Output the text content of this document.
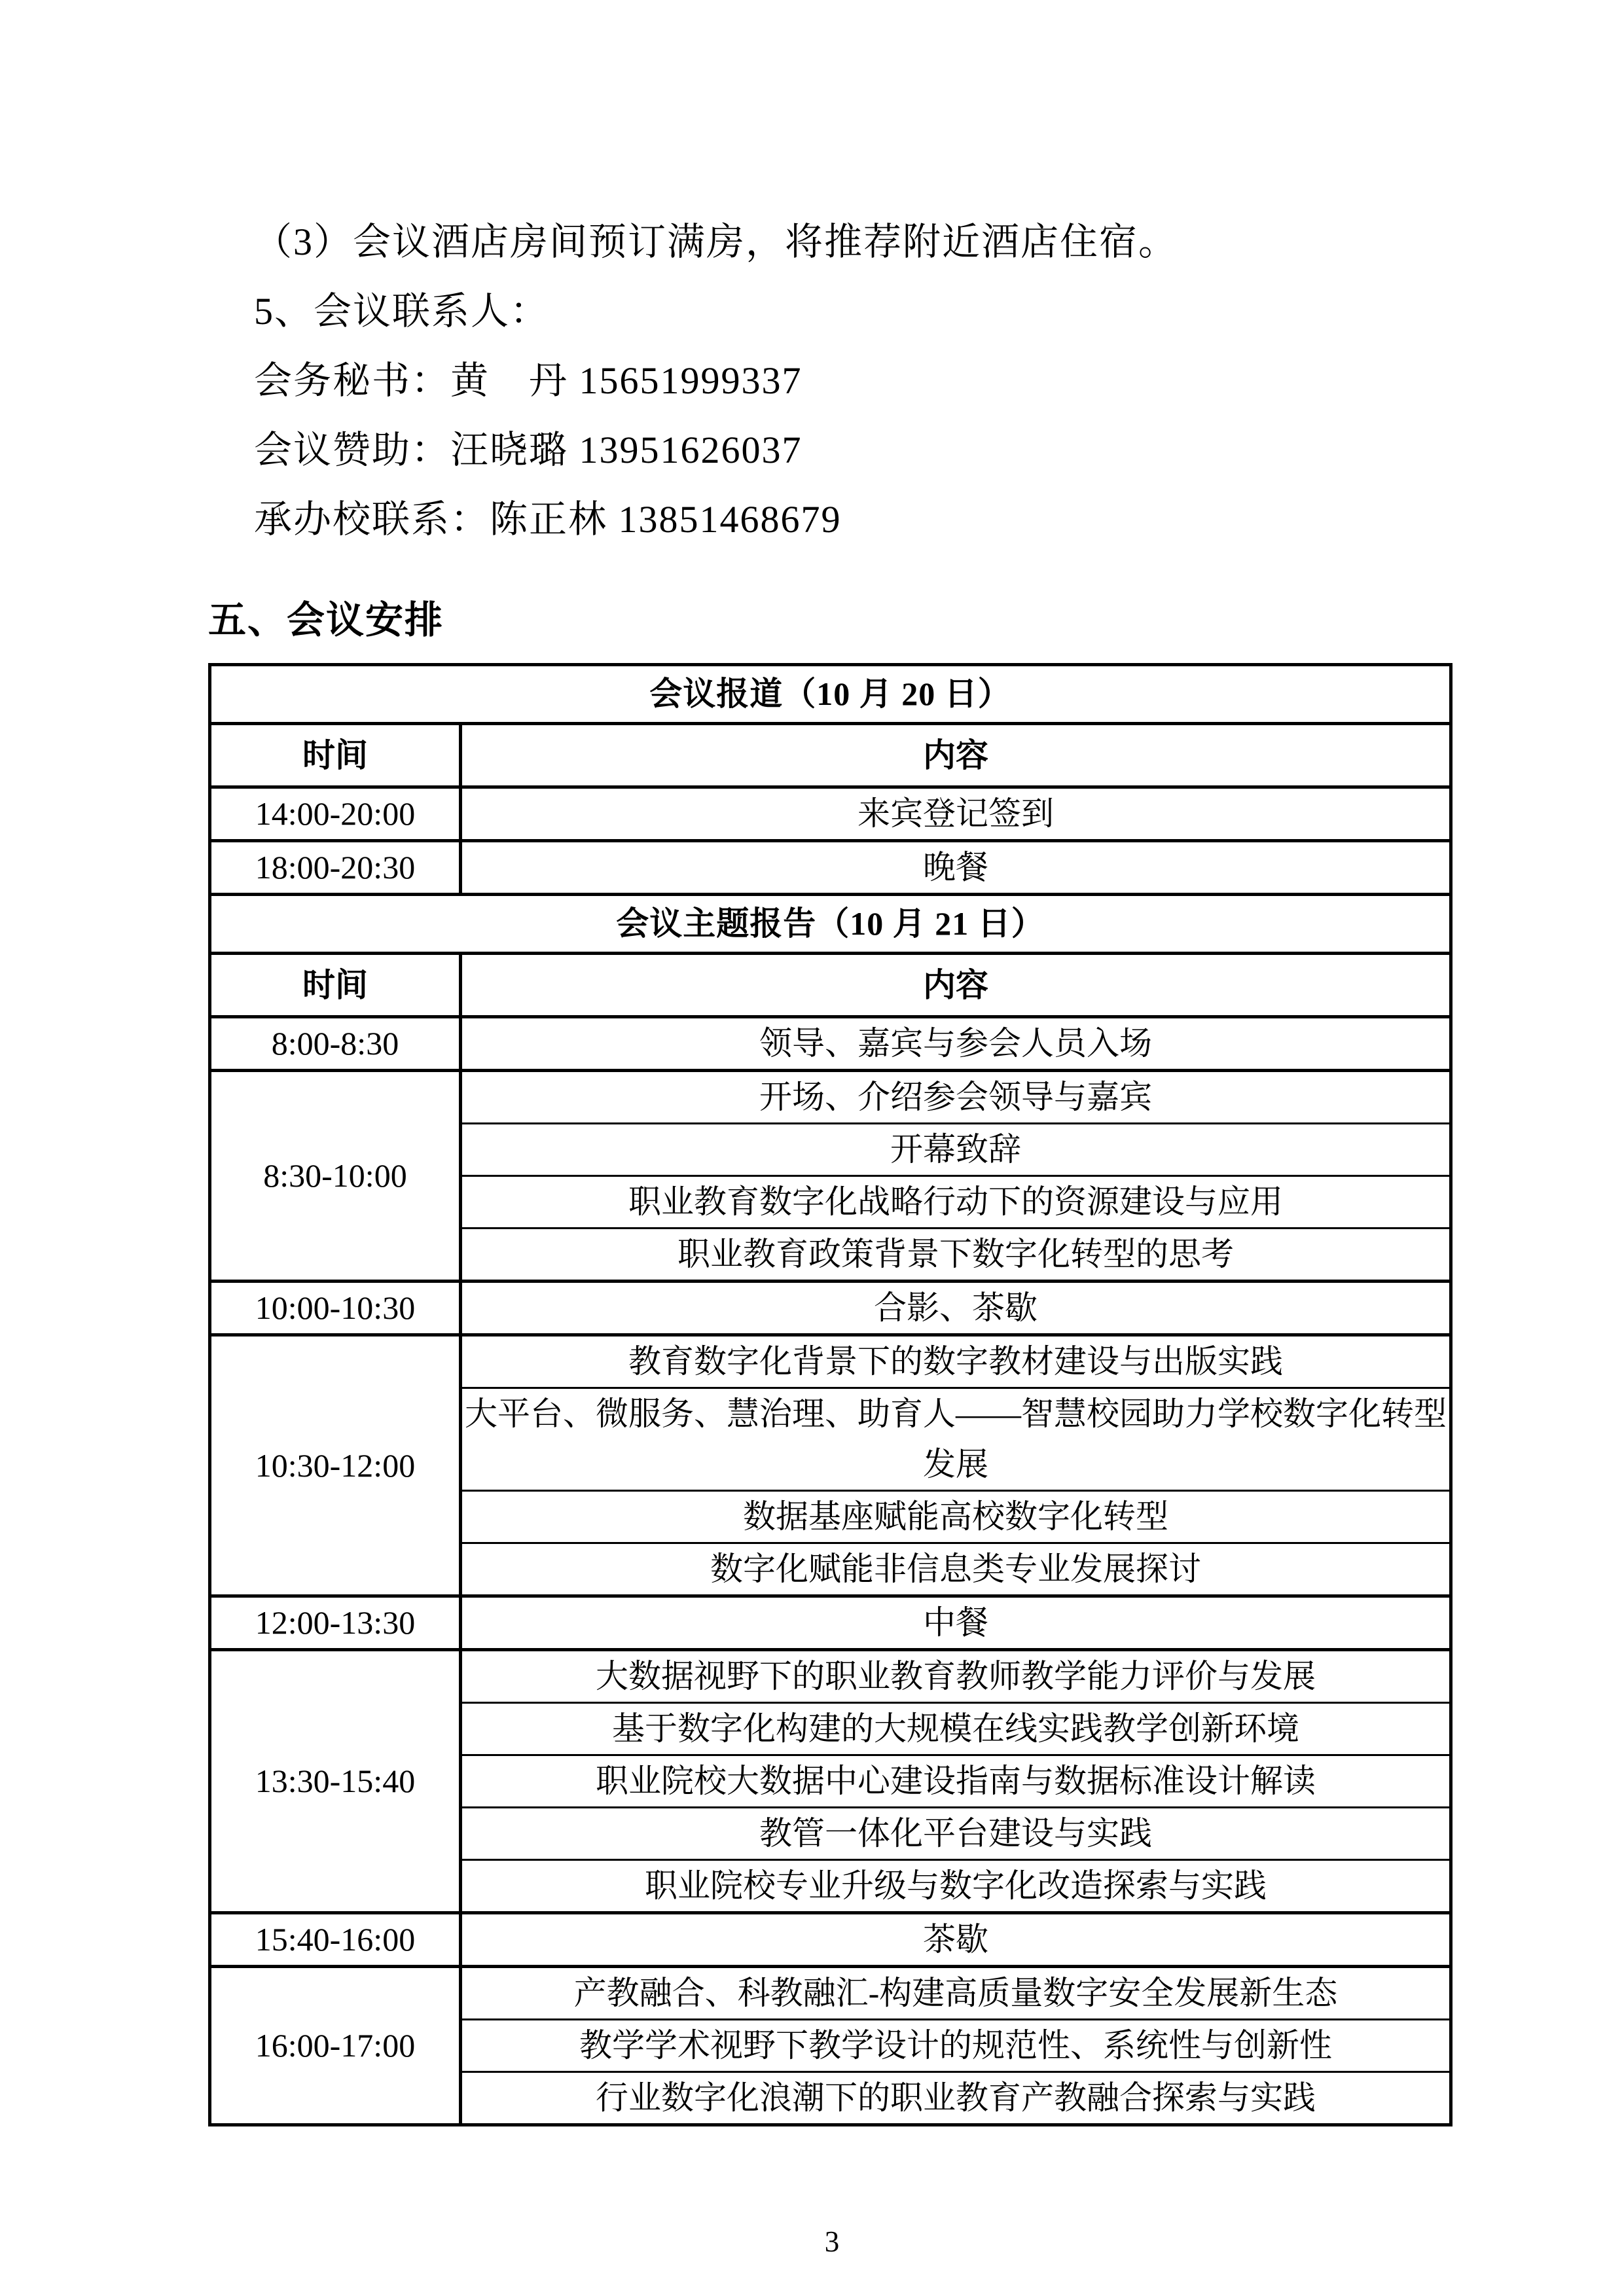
（3）会议酒店房间预订满房，将推荐附近酒店住宿。

5、会议联系人：

会务秘书：黄　丹 15651999337

会议赞助：汪晓璐 13951626037

承办校联系：陈正林 13851468679

五、会议安排
会议报道（10 月 20 日）	
时间	内容
14:00-20:00	来宾登记签到
18:00-20:30	晚餐
会议主题报告（10 月 21 日）	
时间	内容
8:00-8:30	领导、嘉宾与参会人员入场
8:30-10:00	开场、介绍参会领导与嘉宾
	开幕致辞
	职业教育数字化战略行动下的资源建设与应用
	职业教育政策背景下数字化转型的思考
10:00-10:30	合影、茶歇
10:30-12:00	教育数字化背景下的数字教材建设与出版实践
	大平台、微服务、慧治理、助育人——智慧校园助力学校数字化转型发展
	数据基座赋能高校数字化转型
	数字化赋能非信息类专业发展探讨
12:00-13:30	中餐
13:30-15:40	大数据视野下的职业教育教师教学能力评价与发展
	基于数字化构建的大规模在线实践教学创新环境
	职业院校大数据中心建设指南与数据标准设计解读
	教管一体化平台建设与实践
	职业院校专业升级与数字化改造探索与实践
15:40-16:00	茶歇
16:00-17:00	产教融合、科教融汇-构建高质量数字安全发展新生态
	教学学术视野下教学设计的规范性、系统性与创新性
	行业数字化浪潮下的职业教育产教融合探索与实践
3
